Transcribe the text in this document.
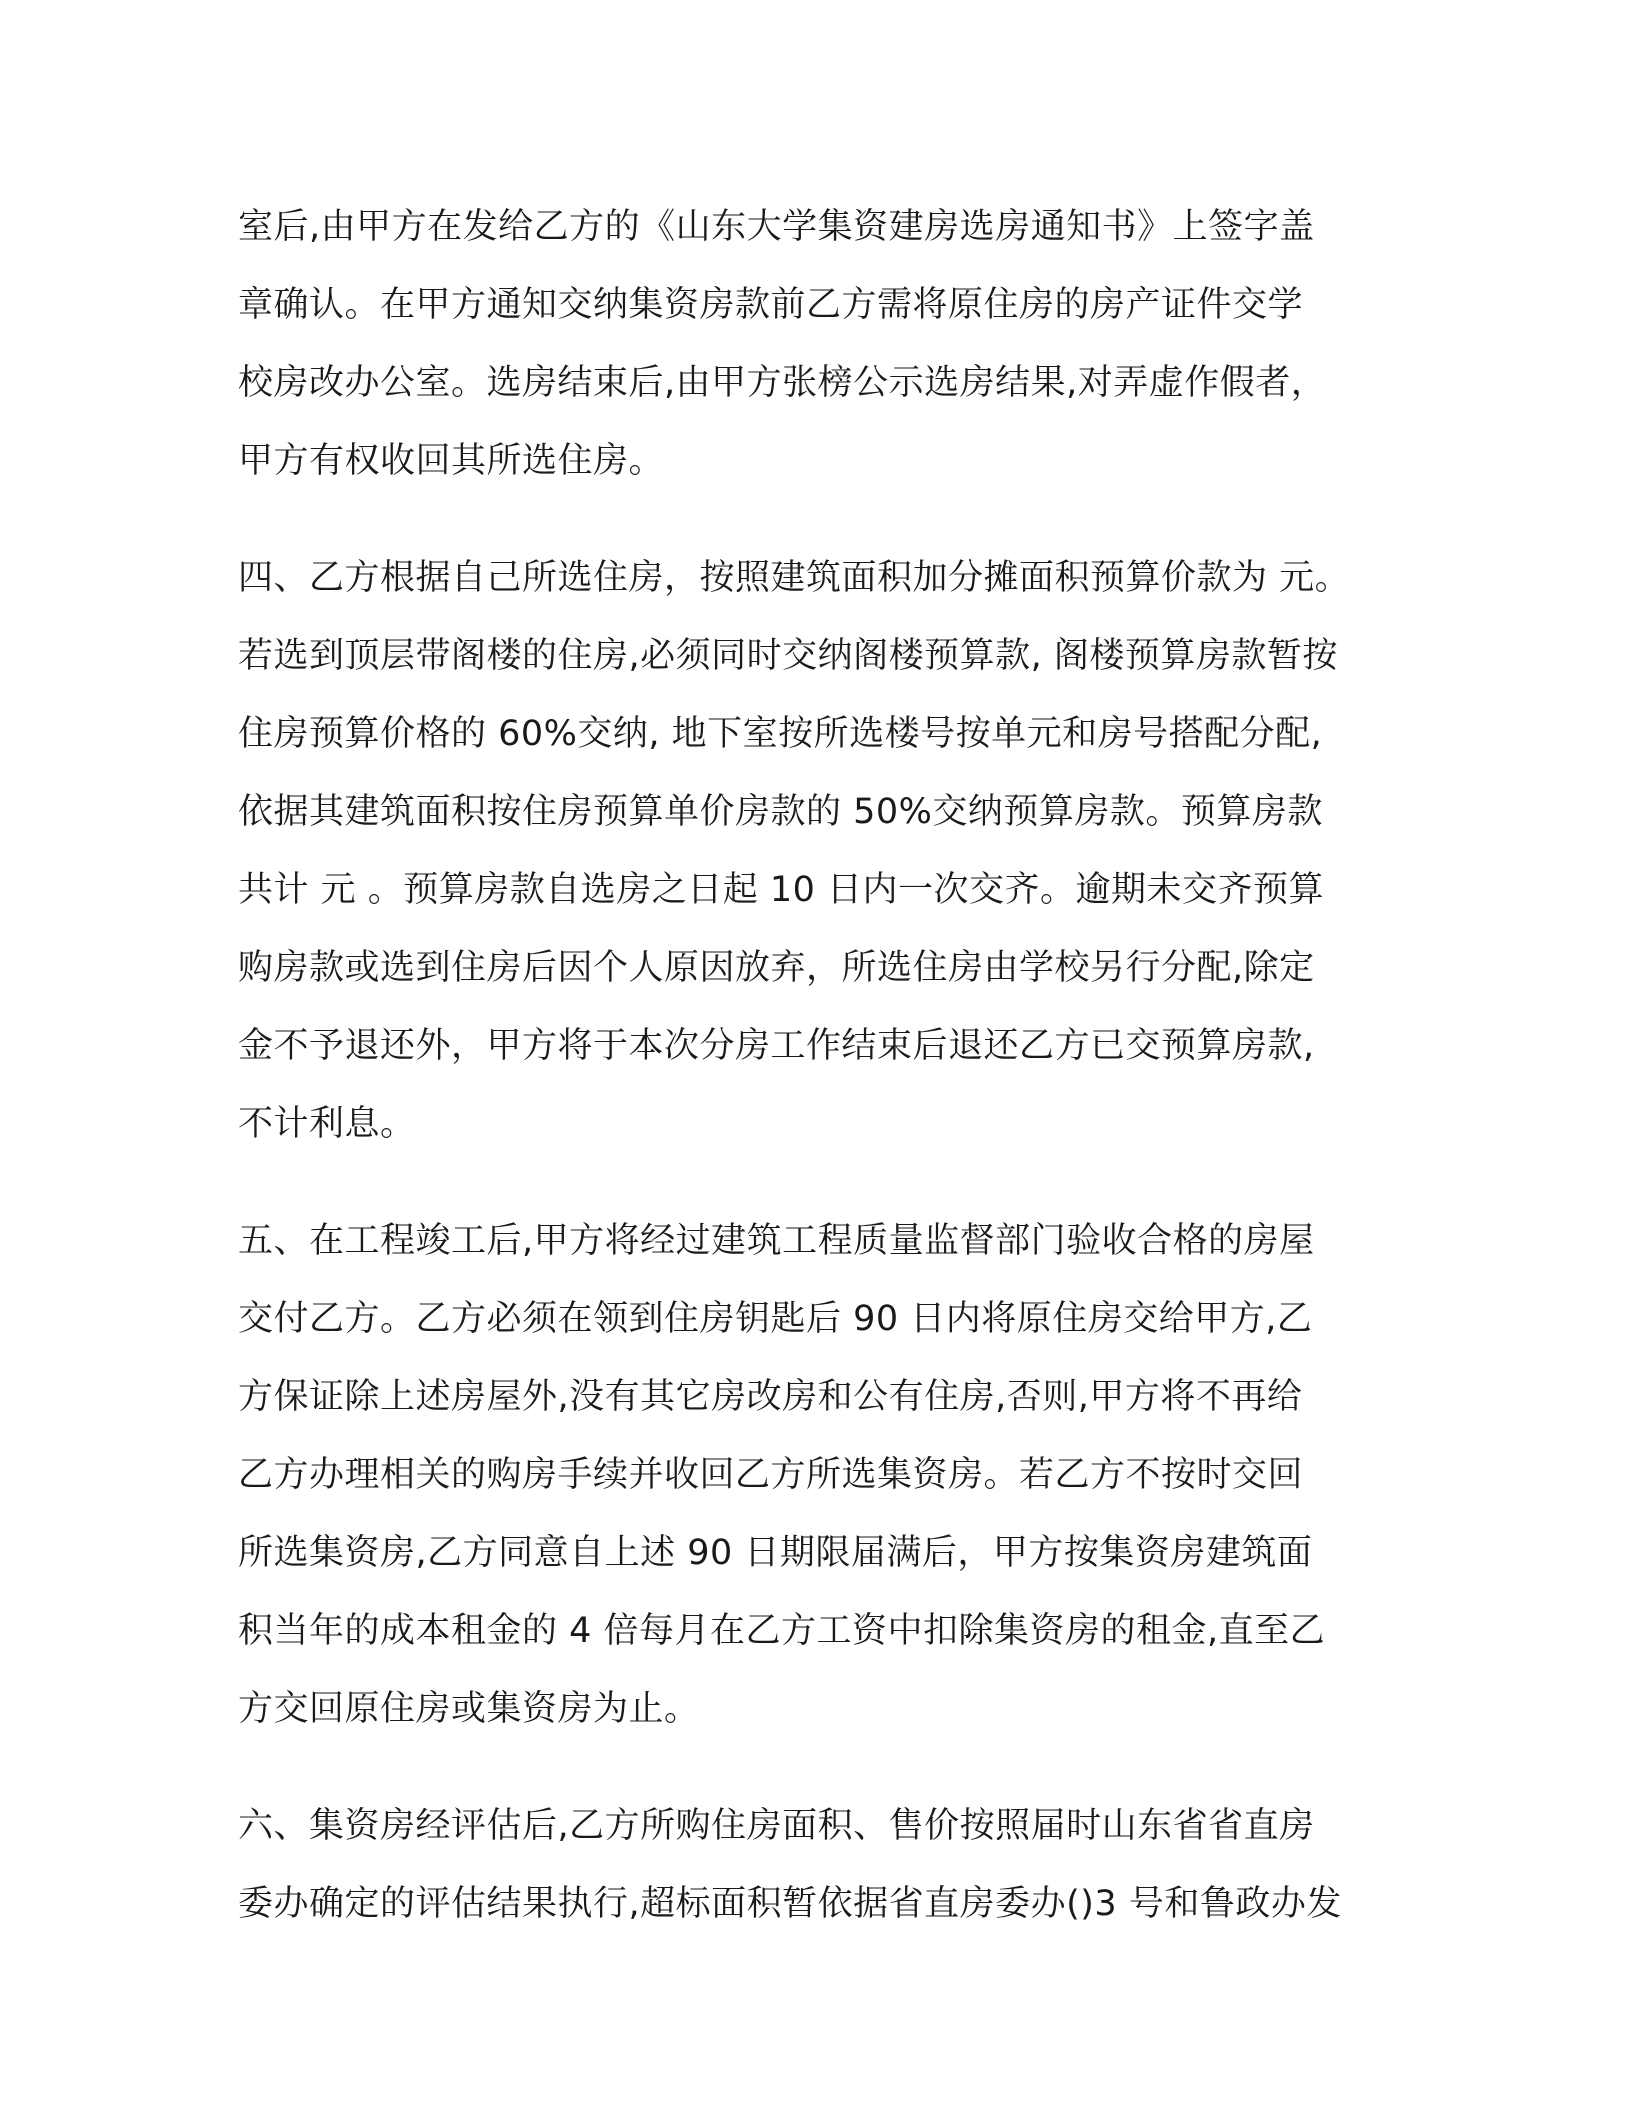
室后,由甲方在发给乙方的《山东大学集资建房选房通知书》上签字盖
章确认。在甲方通知交纳集资房款前乙方需将原住房的房产证件交学
校房改办公室。选房结束后,由甲方张榜公示选房结果,对弄虚作假者，
甲方有权收回其所选住房。
四、乙方根据自己所选住房，按照建筑面积加分摊面积预算价款为 元。
若选到顶层带阁楼的住房,必须同时交纳阁楼预算款, 阁楼预算房款暂按
住房预算价格的 60%交纳, 地下室按所选楼号按单元和房号搭配分配,
依据其建筑面积按住房预算单价房款的 50%交纳预算房款。预算房款
共计 元 。预算房款自选房之日起 10 日内一次交齐。逾期未交齐预算
购房款或选到住房后因个人原因放弃，所选住房由学校另行分配,除定
金不予退还外，甲方将于本次分房工作结束后退还乙方已交预算房款,
不计利息。
五、在工程竣工后,甲方将经过建筑工程质量监督部门验收合格的房屋
交付乙方。乙方必须在领到住房钥匙后 90 日内将原住房交给甲方,乙
方保证除上述房屋外,没有其它房改房和公有住房,否则,甲方将不再给
乙方办理相关的购房手续并收回乙方所选集资房。若乙方不按时交回
所选集资房,乙方同意自上述 90 日期限届满后，甲方按集资房建筑面
积当年的成本租金的 4 倍每月在乙方工资中扣除集资房的租金,直至乙
方交回原住房或集资房为止。
六、集资房经评估后,乙方所购住房面积、售价按照届时山东省省直房
委办确定的评估结果执行,超标面积暂依据省直房委办()3 号和鲁政办发
